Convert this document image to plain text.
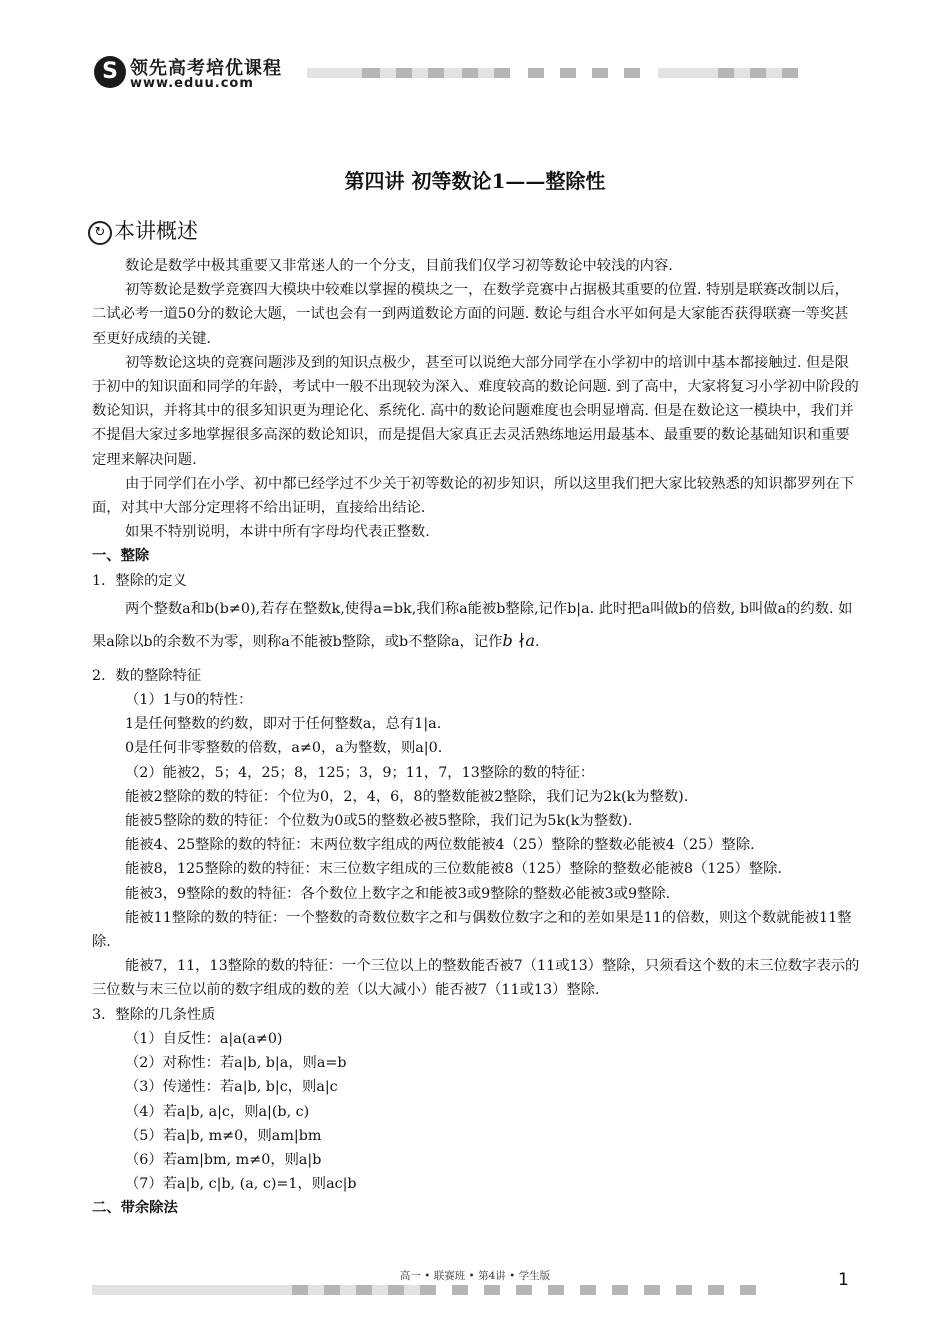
S 领先高考培优课程
www.eduu.com
第四讲 初等数论1——整除性
↻ 本讲概述

数论是数学中极其重要又非常迷人的一个分支，目前我们仅学习初等数论中较浅的内容.

初等数论是数学竞赛四大模块中较难以掌握的模块之一，在数学竞赛中占据极其重要的位置. 特别是联赛改制以后，二试必考一道50分的数论大题，一试也会有一到两道数论方面的问题. 数论与组合水平如何是大家能否获得联赛一等奖甚至更好成绩的关键.

初等数论这块的竞赛问题涉及到的知识点极少，甚至可以说绝大部分同学在小学初中的培训中基本都接触过. 但是限于初中的知识面和同学的年龄，考试中一般不出现较为深入、难度较高的数论问题. 到了高中，大家将复习小学初中阶段的数论知识，并将其中的很多知识更为理论化、系统化. 高中的数论问题难度也会明显增高. 但是在数论这一模块中，我们并不提倡大家过多地掌握很多高深的数论知识，而是提倡大家真正去灵活熟练地运用最基本、最重要的数论基础知识和重要定理来解决问题.

由于同学们在小学、初中都已经学过不少关于初等数论的初步知识，所以这里我们把大家比较熟悉的知识都罗列在下面，对其中大部分定理将不给出证明，直接给出结论.

如果不特别说明，本讲中所有字母均代表正整数.

一、整除

1．整除的定义

两个整数a和b(b≠0),若存在整数k,使得a=bk,我们称a能被b整除,记作b|a. 此时把a叫做b的倍数, b叫做a的约数. 如果a除以b的余数不为零，则称a不能被b整除，或b不整除a，记作b ∤a.

2．数的整除特征

（1）1与0的特性：

1是任何整数的约数，即对于任何整数a，总有1|a.

0是任何非零整数的倍数，a≠0，a为整数，则a|0.

（2）能被2，5；4，25；8，125；3，9；11，7，13整除的数的特征：

能被2整除的数的特征：个位为0，2，4，6，8的整数能被2整除，我们记为2k(k为整数).

能被5整除的数的特征：个位数为0或5的整数必被5整除，我们记为5k(k为整数).

能被4、25整除的数的特征：末两位数字组成的两位数能被4（25）整除的整数必能被4（25）整除.

能被8，125整除的数的特征：末三位数字组成的三位数能被8（125）整除的整数必能被8（125）整除.

能被3，9整除的数的特征：各个数位上数字之和能被3或9整除的整数必能被3或9整除.

能被11整除的数的特征：一个整数的奇数位数字之和与偶数位数字之和的差如果是11的倍数，则这个数就能被11整除.

能被7，11，13整除的数的特征：一个三位以上的整数能否被7（11或13）整除，只须看这个数的末三位数字表示的三位数与末三位以前的数字组成的数的差（以大减小）能否被7（11或13）整除.

3．整除的几条性质

（1）自反性：a|a(a≠0)

（2）对称性：若a|b, b|a，则a=b

（3）传递性：若a|b, b|c，则a|c

（4）若a|b, a|c，则a|(b, c)

（5）若a|b, m≠0，则am|bm

（6）若am|bm, m≠0，则a|b

（7）若a|b, c|b, (a, c)=1，则ac|b

二、带余除法

高一 • 联赛班 • 第4讲 • 学生版	1
